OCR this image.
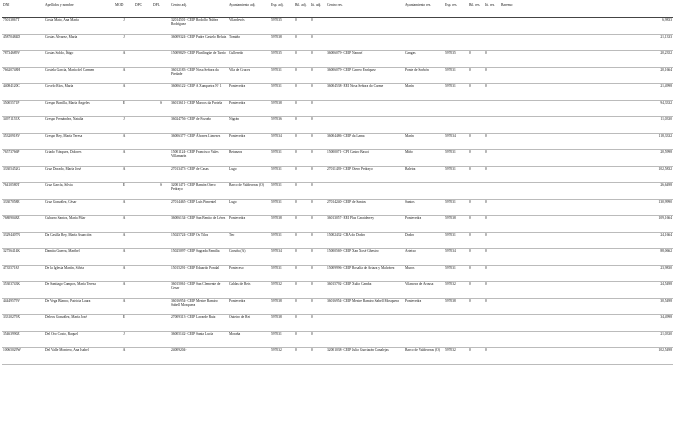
DNI	Apellidos y nombre	MOD	DPC	DPL	Centro adj.	Ayuntamiento adj.	Esp. adj.	Bil. adj.	Iti. adj.	Centro res.	Ayuntamiento res.	Esp. res.	Bil. res.	Iti. res.	Baremo
75013867T	Costa Mato, Ana María	J			32014501- CEIP Rodolfo Núñez Rodríguez	Vilardevós	597035	0	0						6,9833
45870484D	Costas Álvarez, María	J			36009324- CEIP Padre Castelo Beluiz	Tomiño	597038	0	0						21,1333
78734689V	Costas Soldo, Íñigo	A			15009829- CEIP Plurilingüe de Tarrío	Culleredo	597035	0	0	36006079- CEIP Nanaví	Cangas	597035	0	0	20,2352
76620748H	Costela García, María del Carmen	A			36012183- CEIP Nosa Señora da Piedade	Vila de Cruces	597031	0	0	36006079- CEIP Carreo Enríquez	Ponte de Sorbón	597031	0	0	20,1664
44084120C	Covelo Ríos, María	A			36006122- CEIP A Xunqueira Nº 1	Pontevedra	597031	0	0	36004538- EEI Nosa Señora do Carme	Marín	597031	0	0	21,4998
35005571P	Crespo Bonilla, María Ángeles	E		S	36013611- CEIP Marcos da Portela	Pontevedra	597038	0	0						94,3332
34971155X	Crespo Fernández, Natalia	J			36024756- CEIP de Fozoño	Nigrán	597036	0	0						11,0330
35320918V	Crespo Rey, María Teresa	A			36006377- CEIP Álvarez Limeses	Pontevedra	597034	0	0	36004486- CEIP da Lama	Marín	597034	0	0	118,3332
76573766P	Criado Vázquez, Dolores	A			15001124- CEIP Francisco Vales Villamarín	Betanzos	597031	0	0	15000071- CPI Castro Baxoi	Miño	597031	0	0	20,5998
33305452G	Cruz Dorado, María José	A			27013473- CEIP de Casas	Lugo	597031	0	0	27011439- CEIP Otero Pedrayo	Baleira	597031	0	0	102,5832
76410580T	Cruz García, Silvia	E		S	32001471- CEIP Ramón Otero Pedrayo	Barco de Valdeorras (O)	597031	0	0						26,6498
33307058E	Cruz González, César	A			27014465- CEIP Luís Pimentel	Lugo	597031	0	0	27014240- CEIP de Santos	Santos	597031	0	0	130,9990
76809048Z	Cubarro Santos, María Pilar	A			36006134- CEIP San Benito de Lérez	Pontevedra	597038	0	0	36013057- EEI Plus Caraiderrey	Pontevedra	597038	0	0	109,1664
33294407N	Da Casilla Rey, María Asunción	A			15025724- CEIP Os Tilos	Teo	597031	0	0	15002432- CRA do Dodro	Dodro	597031	0	0	24,1664
32756414K	Damita Guerra, Maribel	A			15025097- CEIP Sagrada Familia	Coruña (A)	597034	0	0	15000569- CEIP Xan Xosé Ghestro	Arteixo	597034	0	0	88,0662
47355718J	De la Iglesia Martín, Silvia	A			15015291- CEIP Eduardo Pondal	Ponteceso	597031	0	0	15009996- CEIP Rosalía de Artaza y Malvárez	Muros	597031	0	0	23,9830
35303743K	De Santiago Campos, María Teresa	A			36015061- CEIP San Clemente de Cesar	Caldas de Reis	597032	0	0	36015792- CEIP Xulio Camba	Vilanova de Arousa	597032	0	0	24,5498
44449579V	De Vega Blanco, Patricia Laura	A			36016954- CEIP Mestre Ramiro Sabell Mosquera	Pontevedra	597038	0	0	36016954- CEIP Mestre Ramiro Sabell Mosquera	Pontevedra	597038	0	0	30,5498
33310279X	Deleos González, María José	E			27009313- CEIP Lavarde Ruiz	Outeiro de Rei	597038	0	0						34,4998
35463990Z	Del Oro Costo, Raquel	J			36005142- CEIP Santa Lucía	Moraña	597031	0	0						21,0330
10065029W	Del Valle Montero, Ana Isabel	A			24009204-		597032	0	0	32001038- CEIP Julio Gurriarán Canalejas	Barco de Valdeorras (O)	597032	0	0	102,5498
